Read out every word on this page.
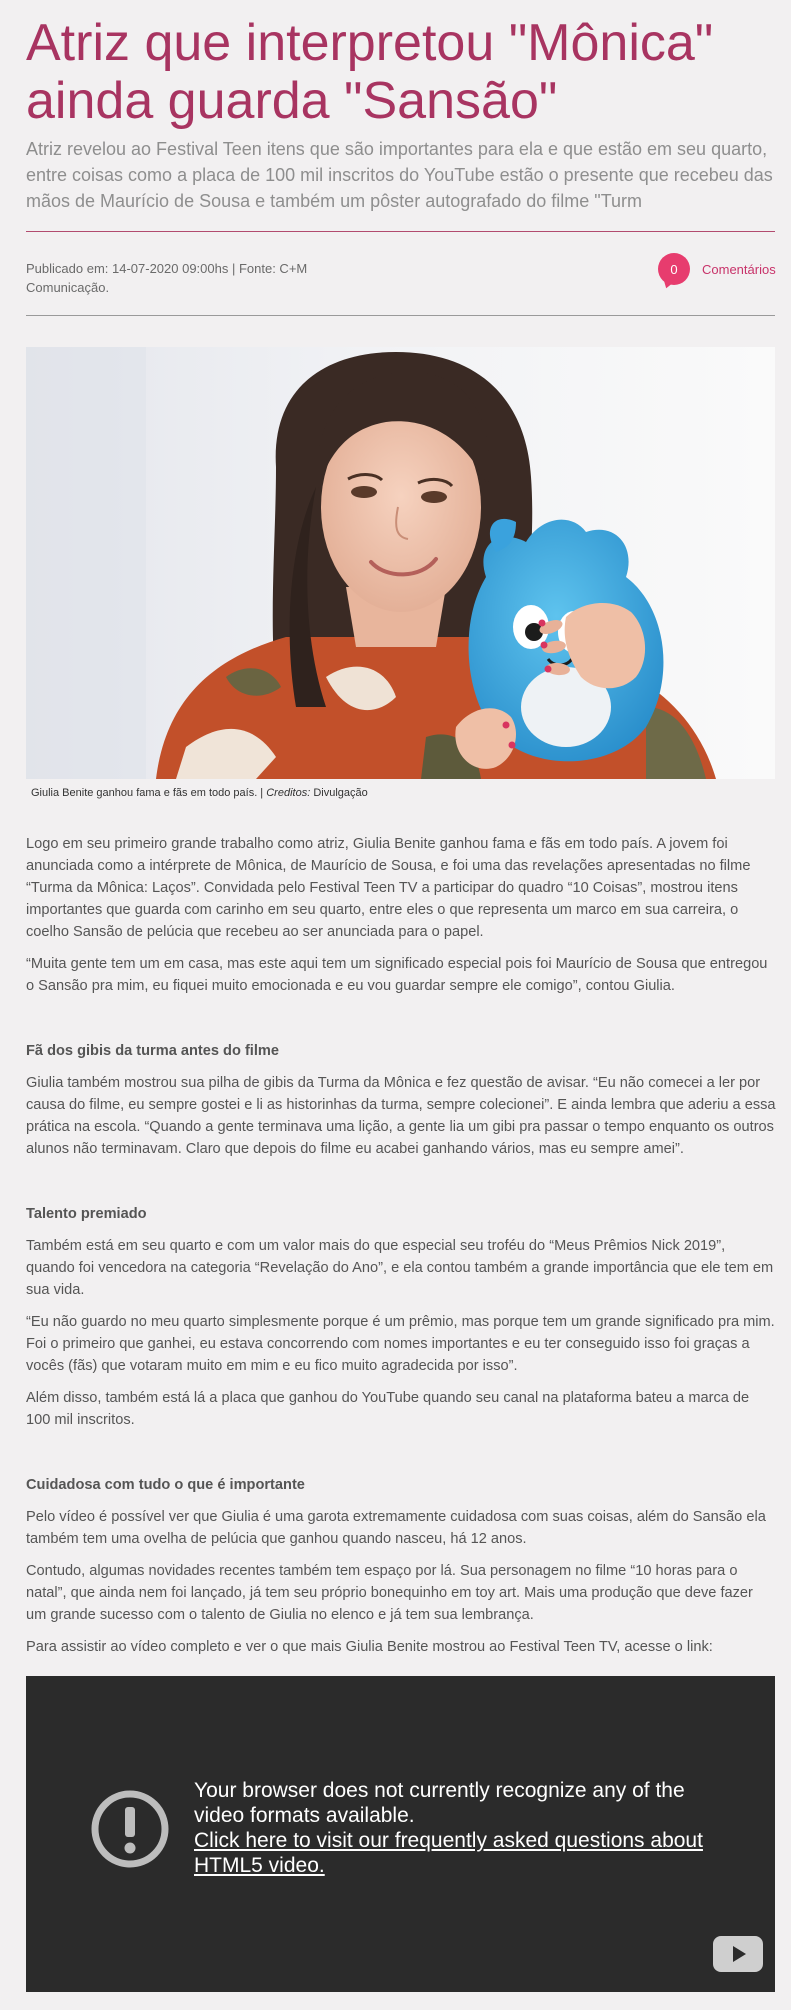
Atriz que interpretou "Mônica" ainda guarda "Sansão"

Atriz revelou ao Festival Teen itens que são importantes para ela e que estão em seu quarto, entre coisas como a placa de 100 mil inscritos do YouTube estão o presente que recebeu das mãos de Maurício de Sousa e também um pôster autografado do filme "Turm

Publicado em: 14-07-2020 09:00hs | Fonte: C+M Comunicação.
0 Comentários
Giulia Benite ganhou fama e fãs em todo país. | Creditos: Divulgação

Logo em seu primeiro grande trabalho como atriz, Giulia Benite ganhou fama e fãs em todo país. A jovem foi anunciada como a intérprete de Mônica, de Maurício de Sousa, e foi uma das revelações apresentadas no filme “Turma da Mônica: Laços”. Convidada pelo Festival Teen TV a participar do quadro “10 Coisas”, mostrou itens importantes que guarda com carinho em seu quarto, entre eles o que representa um marco em sua carreira, o coelho Sansão de pelúcia que recebeu ao ser anunciada para o papel.

“Muita gente tem um em casa, mas este aqui tem um significado especial pois foi Maurício de Sousa que entregou o Sansão pra mim, eu fiquei muito emocionada e eu vou guardar sempre ele comigo”, contou Giulia.

Fã dos gibis da turma antes do filme

Giulia também mostrou sua pilha de gibis da Turma da Mônica e fez questão de avisar. “Eu não comecei a ler por causa do filme, eu sempre gostei e li as historinhas da turma, sempre colecionei”. E ainda lembra que aderiu a essa prática na escola. “Quando a gente terminava uma lição, a gente lia um gibi pra passar o tempo enquanto os outros alunos não terminavam. Claro que depois do filme eu acabei ganhando vários, mas eu sempre amei”.

Talento premiado

Também está em seu quarto e com um valor mais do que especial seu troféu do “Meus Prêmios Nick 2019”, quando foi vencedora na categoria “Revelação do Ano”, e ela contou também a grande importância que ele tem em sua vida.

“Eu não guardo no meu quarto simplesmente porque é um prêmio, mas porque tem um grande significado pra mim. Foi o primeiro que ganhei, eu estava concorrendo com nomes importantes e eu ter conseguido isso foi graças a vocês (fãs) que votaram muito em mim e eu fico muito agradecida por isso”.

Além disso, também está lá a placa que ganhou do YouTube quando seu canal na plataforma bateu a marca de 100 mil inscritos.

Cuidadosa com tudo o que é importante

Pelo vídeo é possível ver que Giulia é uma garota extremamente cuidadosa com suas coisas, além do Sansão ela também tem uma ovelha de pelúcia que ganhou quando nasceu, há 12 anos.

Contudo, algumas novidades recentes também tem espaço por lá. Sua personagem no filme “10 horas para o natal”, que ainda nem foi lançado, já tem seu próprio bonequinho em toy art. Mais uma produção que deve fazer um grande sucesso com o talento de Giulia no elenco e já tem sua lembrança.

Para assistir ao vídeo completo e ver o que mais Giulia Benite mostrou ao Festival Teen TV, acesse o link:

Your browser does not currently recognize any of the video formats available.
Click here to visit our frequently asked questions about HTML5 video.
